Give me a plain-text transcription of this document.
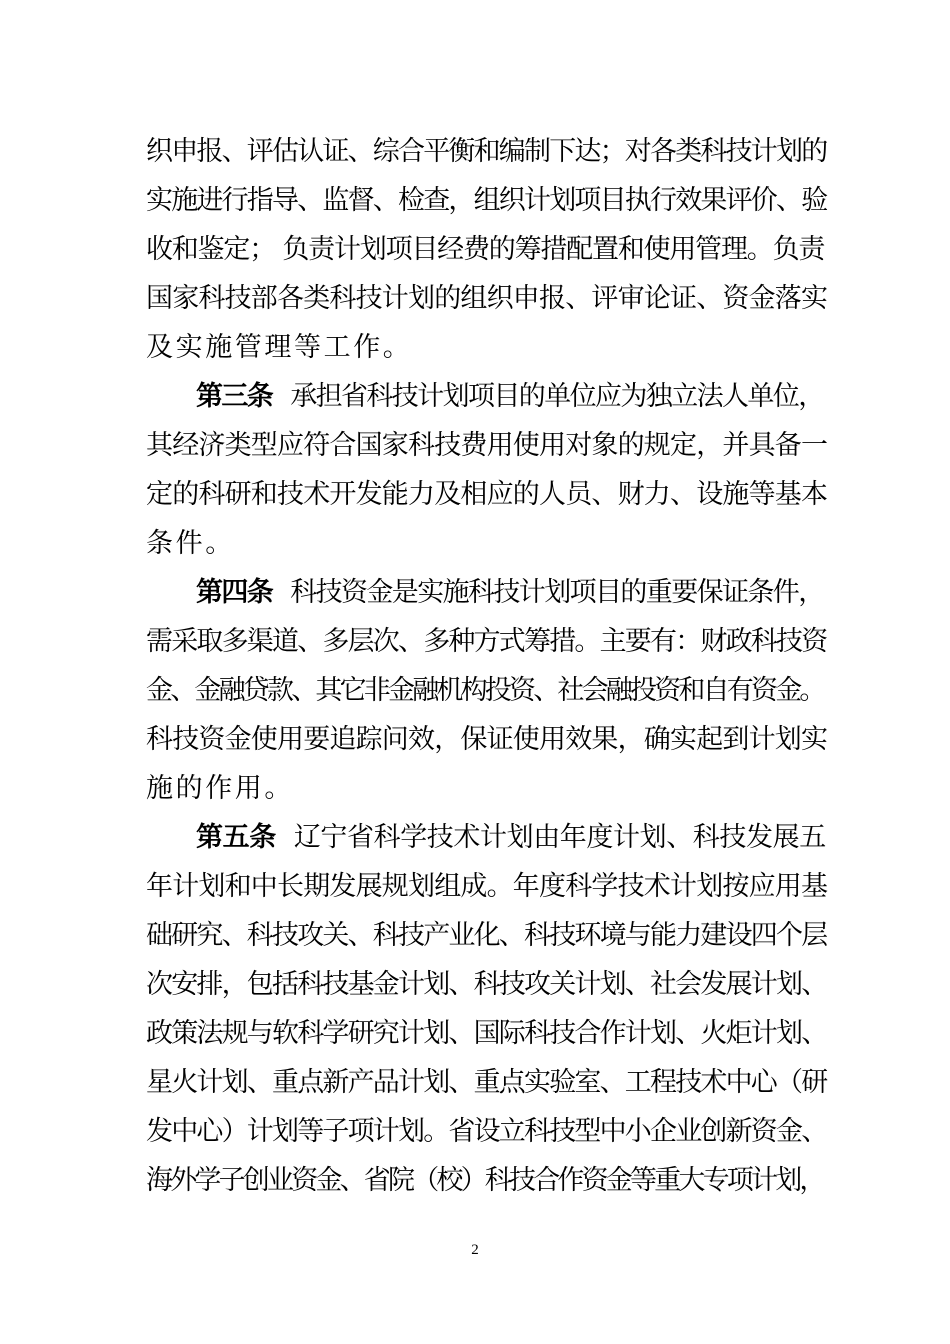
织申报、评估认证、综合平衡和编制下达；对各类科技计划的
实施进行指导、监督、检查，组织计划项目执行效果评价、验
收和鉴定； 负责计划项目经费的筹措配置和使用管理。负责
国家科技部各类科技计划的组织申报、评审论证、资金落实
及实施管理等工作。
第三条 承担省科技计划项目的单位应为独立法人单位，
其经济类型应符合国家科技费用使用对象的规定，并具备一
定的科研和技术开发能力及相应的人员、财力、设施等基本
条件。
第四条 科技资金是实施科技计划项目的重要保证条件，
需采取多渠道、多层次、多种方式筹措。主要有：财政科技资
金、金融贷款、其它非金融机构投资、社会融投资和自有资金。
科技资金使用要追踪问效，保证使用效果，确实起到计划实
施的作用。
第五条 辽宁省科学技术计划由年度计划、科技发展五
年计划和中长期发展规划组成。年度科学技术计划按应用基
础研究、科技攻关、科技产业化、科技环境与能力建设四个层
次安排，包括科技基金计划、科技攻关计划、社会发展计划、
政策法规与软科学研究计划、国际科技合作计划、火炬计划、
星火计划、重点新产品计划、重点实验室、工程技术中心（研
发中心）计划等子项计划。省设立科技型中小企业创新资金、
海外学子创业资金、省院（校）科技合作资金等重大专项计划，
2
